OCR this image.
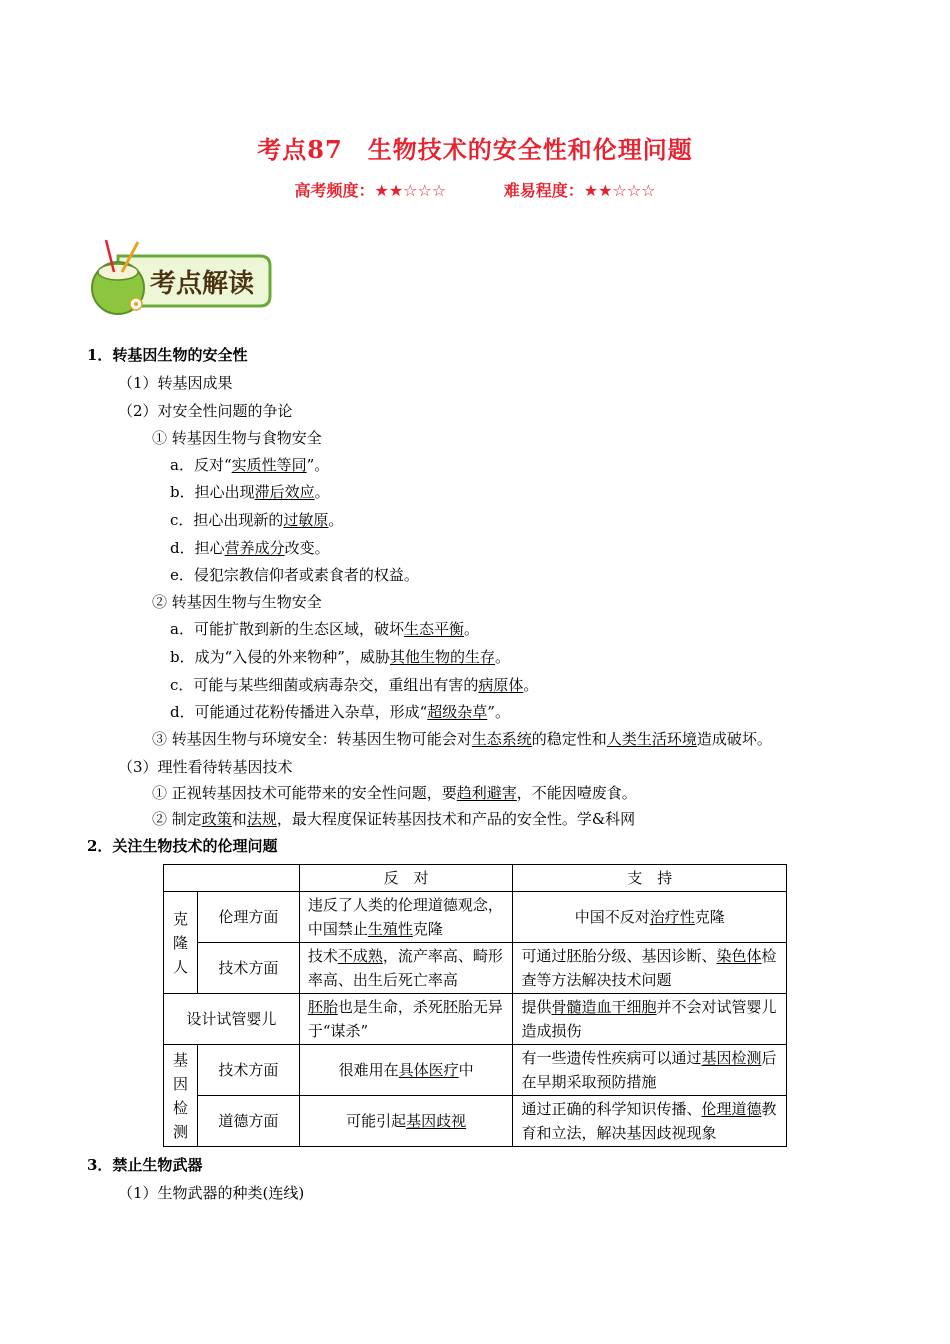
考点87　生物技术的安全性和伦理问题
高考频度：★★☆☆☆	难易程度：★★☆☆☆
考点解读
1．转基因生物的安全性
（1）转基因成果
（2）对安全性问题的争论
① 转基因生物与食物安全
a．反对“实质性等同”。
b．担心出现滞后效应。
c．担心出现新的过敏原。
d．担心营养成分改变。
e．侵犯宗教信仰者或素食者的权益。
② 转基因生物与生物安全
a．可能扩散到新的生态区域，破坏生态平衡。
b．成为“入侵的外来物种”，威胁其他生物的生存。
c．可能与某些细菌或病毒杂交，重组出有害的病原体。
d．可能通过花粉传播进入杂草，形成“超级杂草”。
③ 转基因生物与环境安全：转基因生物可能会对生态系统的稳定性和人类生活环境造成破坏。
（3）理性看待转基因技术
① 正视转基因技术可能带来的安全性问题，要趋利避害，不能因噎废食。
② 制定政策和法规，最大程度保证转基因技术和产品的安全性。学&科网
2．关注生物技术的伦理问题
		反　对	支　持
克隆人	伦理方面	违反了人类的伦理道德观念，中国禁止生殖性克隆	中国不反对治疗性克隆
	技术方面	技术不成熟，流产率高、畸形率高、出生后死亡率高	可通过胚胎分级、基因诊断、染色体检查等方法解决技术问题
设计试管婴儿		胚胎也是生命，杀死胚胎无异于“谋杀”	提供骨髓造血干细胞并不会对试管婴儿造成损伤
基因检测	技术方面	很难用在具体医疗中	有一些遗传性疾病可以通过基因检测后在早期采取预防措施
	道德方面	可能引起基因歧视	通过正确的科学知识传播、伦理道德教育和立法，解决基因歧视现象
3．禁止生物武器
（1）生物武器的种类(连线)
